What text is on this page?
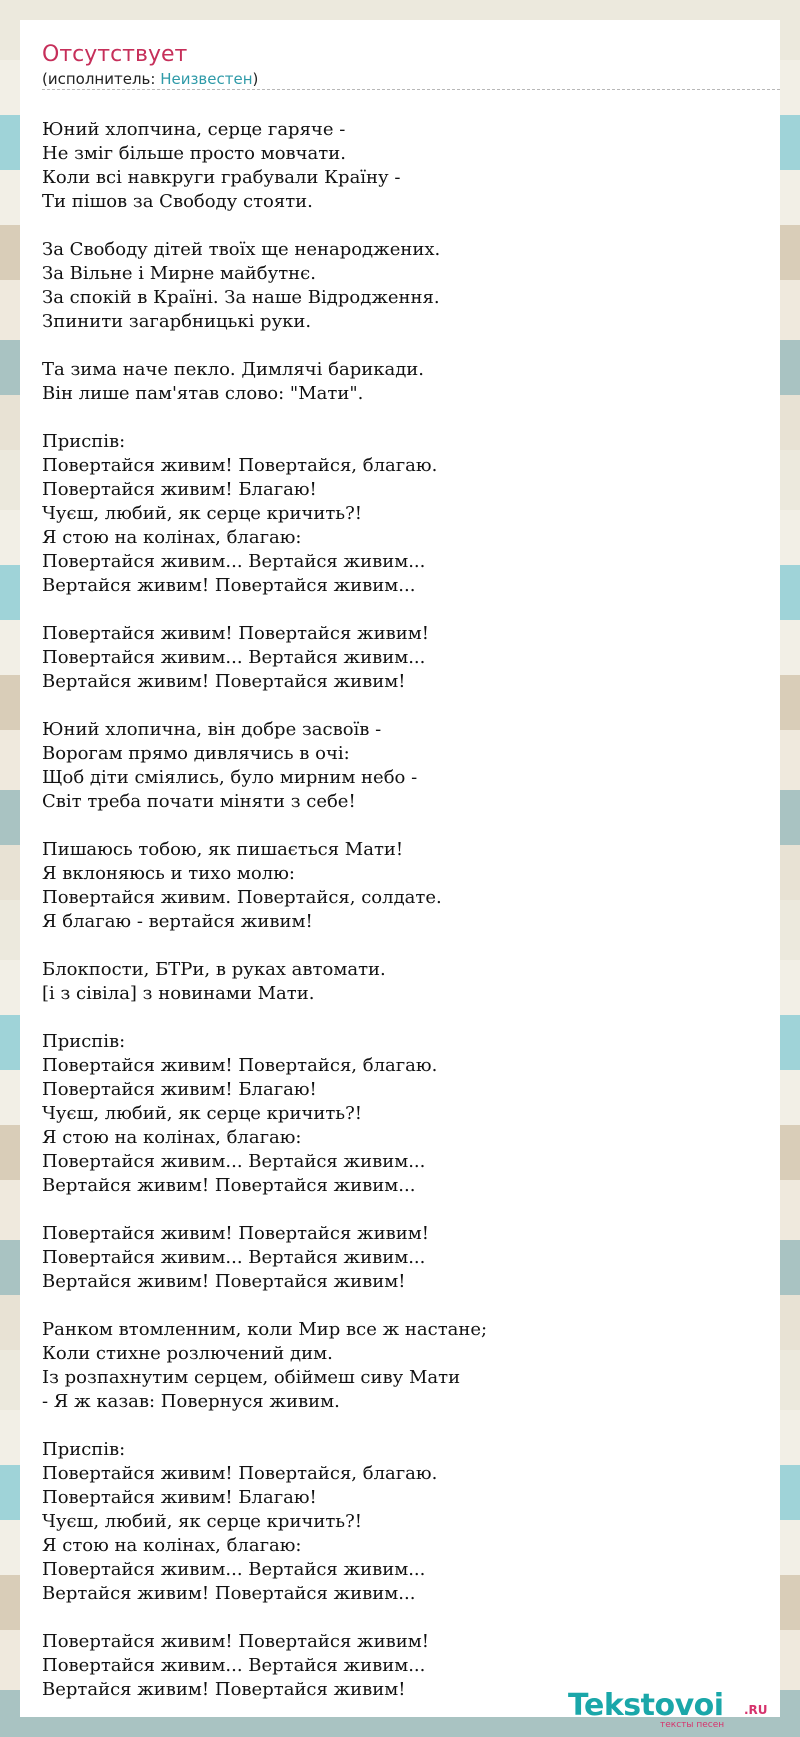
Отсутствует
(исполнитель: Неизвестен)
Юний хлопчина, серце гаряче -
Не зміг більше просто мовчати.
Коли всі навкруги грабували Країну -
Ти пішов за Свободу стояти.
За Свободу дітей твоїх ще ненароджених.
За Вільне і Мирне майбутнє.
За спокій в Країні. За наше Відродження.
Зпинити загарбницькі руки.
Та зима наче пекло. Димлячі барикади.
Він лише пам'ятав слово: "Мати".
Приспів:
Повертайся живим! Повертайся, благаю.
Повертайся живим! Благаю!
Чуєш, любий, як серце кричить?!
Я стою на колінах, благаю:
Повертайся живим... Вертайся живим...
Вертайся живим! Повертайся живим...
Повертайся живим! Повертайся живим!
Повертайся живим... Вертайся живим...
Вертайся живим! Повертайся живим!
Юний хлопична, він добре засвоїв -
Ворогам прямо дивлячись в очі:
Щоб діти сміялись, було мирним небо -
Світ треба почати міняти з себе!
Пишаюсь тобою, як пишається Мати!
Я вклоняюсь и тихо молю:
Повертайся живим. Повертайся, солдате.
Я благаю - вертайся живим!
Блокпости, БТРи, в руках автомати.
[і з сівіла] з новинами Мати.
Приспів:
Повертайся живим! Повертайся, благаю.
Повертайся живим! Благаю!
Чуєш, любий, як серце кричить?!
Я стою на колінах, благаю:
Повертайся живим... Вертайся живим...
Вертайся живим! Повертайся живим...
Повертайся живим! Повертайся живим!
Повертайся живим... Вертайся живим...
Вертайся живим! Повертайся живим!
Ранком втомленним, коли Мир все ж настане;
Коли стихне розлючений дим.
Із розпахнутим серцем, обіймеш сиву Мати
- Я ж казав: Повернуся живим.
Приспів:
Повертайся живим! Повертайся, благаю.
Повертайся живим! Благаю!
Чуєш, любий, як серце кричить?!
Я стою на колінах, благаю:
Повертайся живим... Вертайся живим...
Вертайся живим! Повертайся живим...
Повертайся живим! Повертайся живим!
Повертайся живим... Вертайся живим...
Вертайся живим! Повертайся живим!	Tekstovoi .RU
тексты песен
